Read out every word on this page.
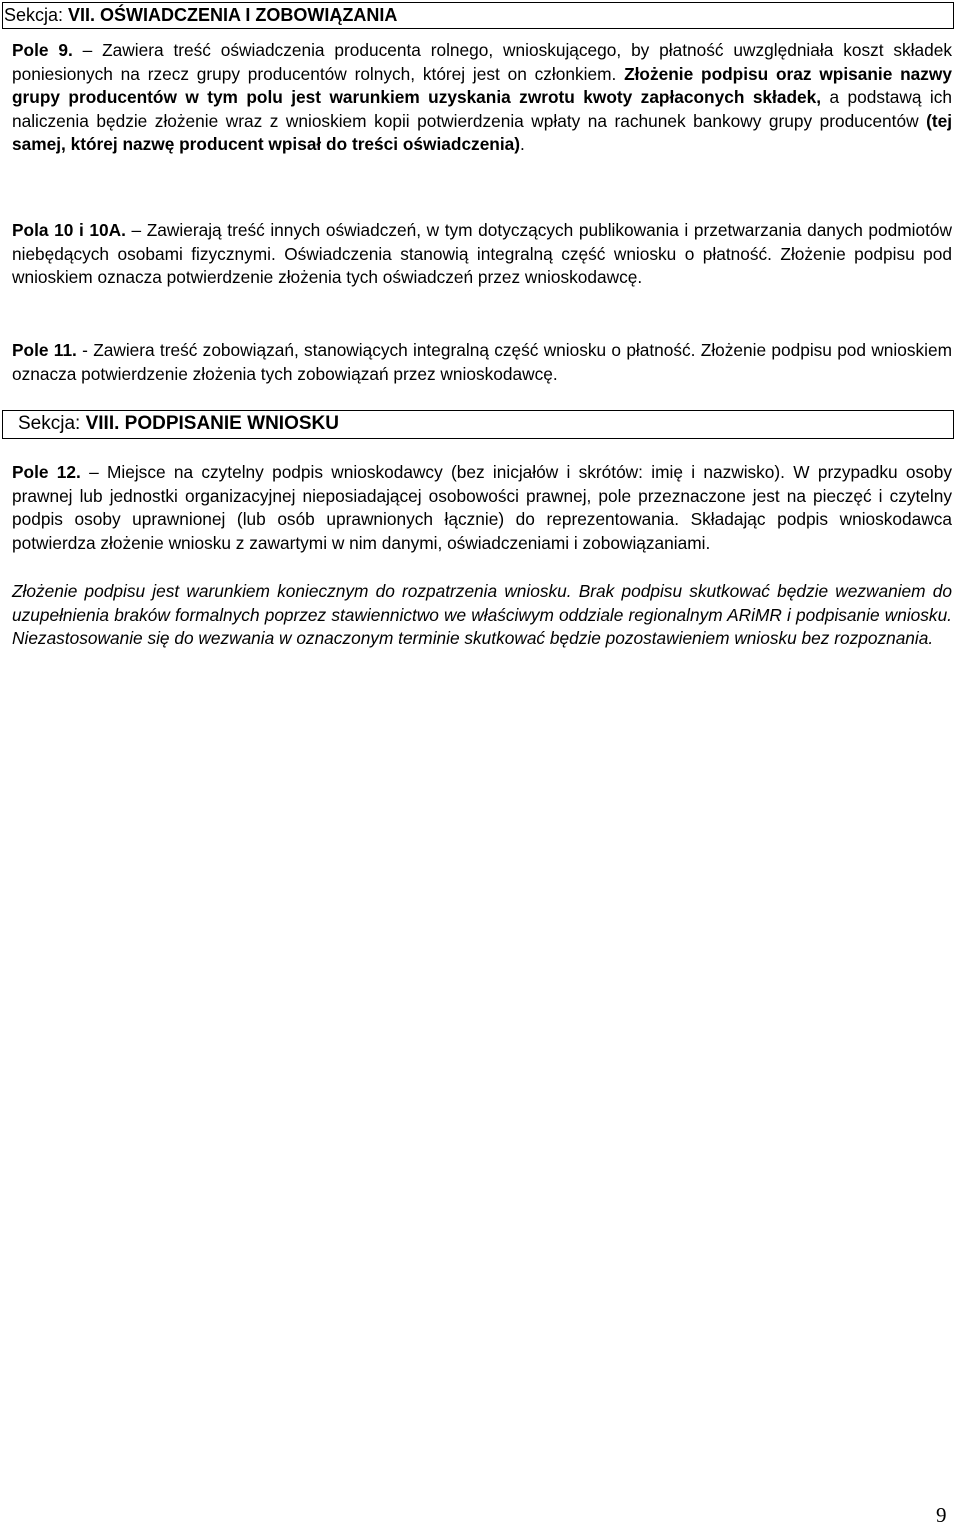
Sekcja: VII. OŚWIADCZENIA I ZOBOWIĄZANIA

Pole 9. – Zawiera treść oświadczenia producenta rolnego, wnioskującego, by płatność uwzględniała koszt składek poniesionych na rzecz grupy producentów rolnych, której jest on członkiem. Złożenie podpisu oraz wpisanie nazwy grupy producentów w tym polu jest warunkiem uzyskania zwrotu kwoty zapłaconych składek, a podstawą ich naliczenia będzie złożenie wraz z wnioskiem kopii potwierdzenia wpłaty na rachunek bankowy grupy producentów (tej samej, której nazwę producent wpisał do treści oświadczenia).

Pola 10 i 10A. – Zawierają treść innych oświadczeń, w tym dotyczących publikowania i przetwarzania danych podmiotów niebędących osobami fizycznymi. Oświadczenia stanowią integralną część wniosku o płatność. Złożenie podpisu pod wnioskiem oznacza potwierdzenie złożenia tych oświadczeń przez wnioskodawcę.

Pole 11. - Zawiera treść zobowiązań, stanowiących integralną część wniosku o płatność. Złożenie podpisu pod wnioskiem oznacza potwierdzenie złożenia tych zobowiązań przez wnioskodawcę.

Sekcja: VIII. PODPISANIE WNIOSKU

Pole 12. – Miejsce na czytelny podpis wnioskodawcy (bez inicjałów i skrótów: imię i nazwisko). W przypadku osoby prawnej lub jednostki organizacyjnej nieposiadającej osobowości prawnej, pole przeznaczone jest na pieczęć i czytelny podpis osoby uprawnionej (lub osób uprawnionych łącznie) do reprezentowania. Składając podpis wnioskodawca potwierdza złożenie wniosku z zawartymi w nim danymi, oświadczeniami i zobowiązaniami.

Złożenie podpisu jest warunkiem koniecznym do rozpatrzenia wniosku. Brak podpisu skutkować będzie wezwaniem do uzupełnienia braków formalnych poprzez stawiennictwo we właściwym oddziale regionalnym ARiMR i podpisanie wniosku. Niezastosowanie się do wezwania w oznaczonym terminie skutkować będzie pozostawieniem wniosku bez rozpoznania.

9
